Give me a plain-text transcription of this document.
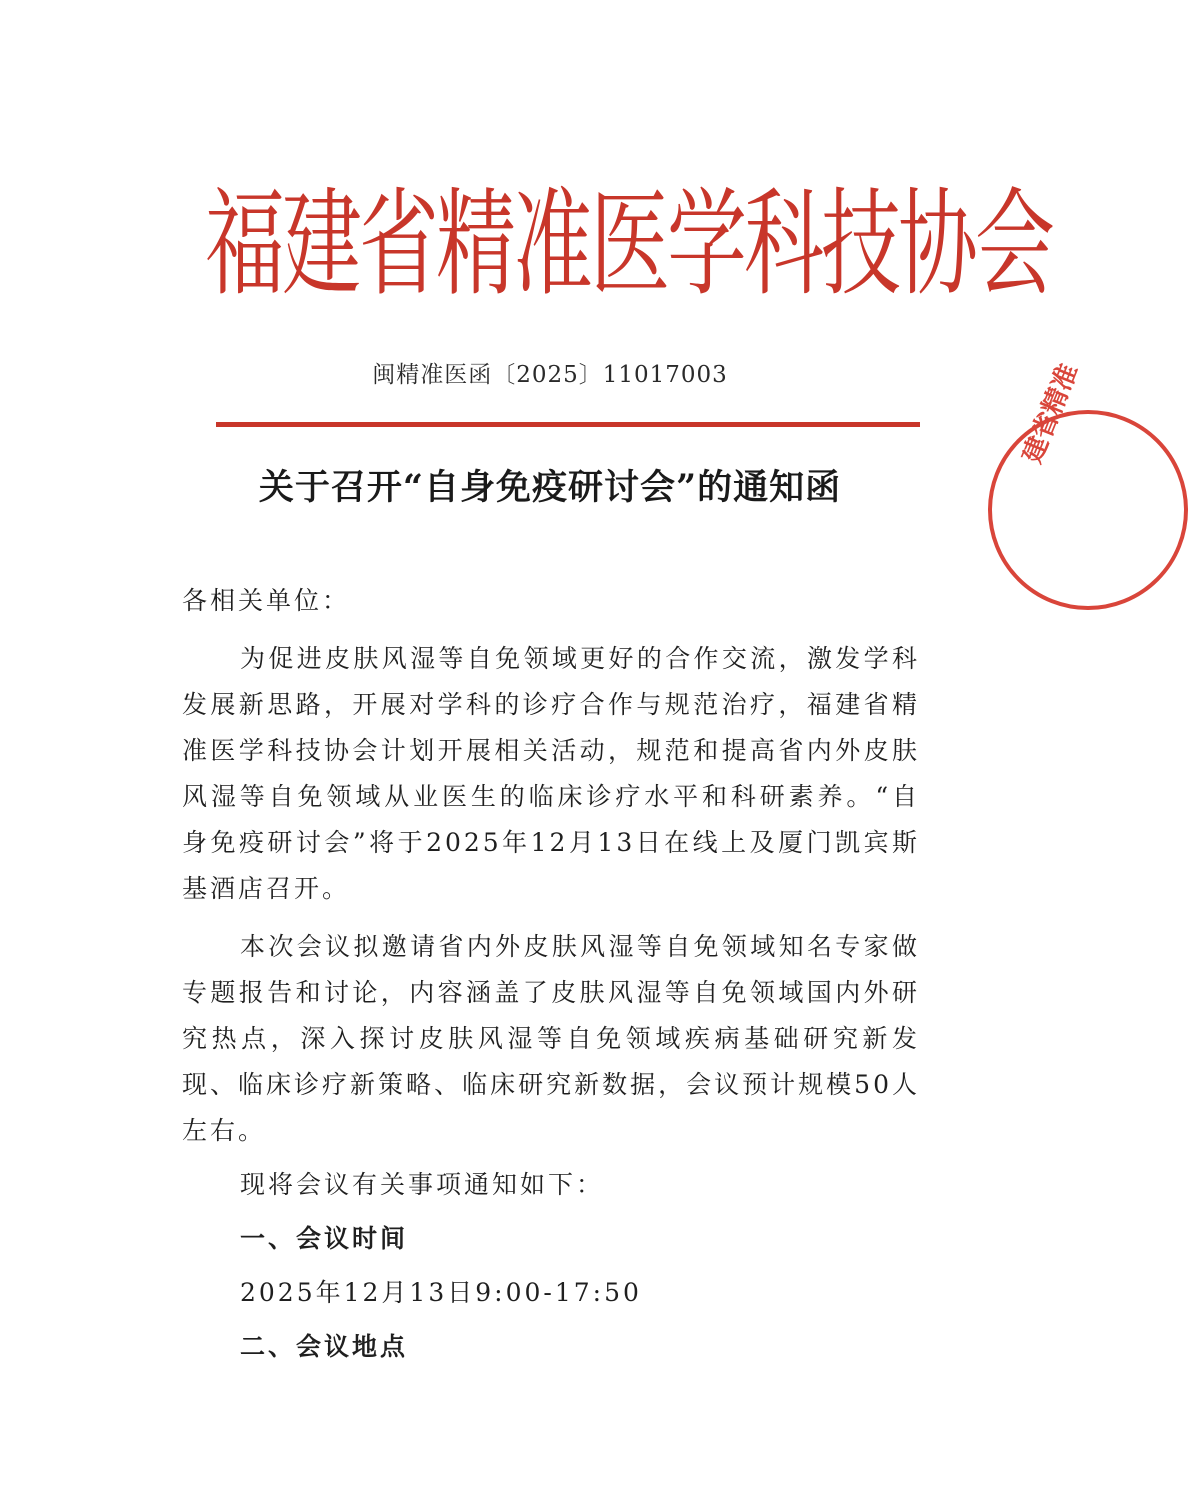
福建省精准医学科技协会
闽精准医函〔2025〕11017003
关于召开“自身免疫研讨会”的通知函

各相关单位：

为促进皮肤风湿等自免领域更好的合作交流，激发学科发展新思路，开展对学科的诊疗合作与规范治疗，福建省精准医学科技协会计划开展相关活动，规范和提高省内外皮肤风湿等自免领域从业医生的临床诊疗水平和科研素养。“自身免疫研讨会”将于2025年12月13日在线上及厦门凯宾斯基酒店召开。

本次会议拟邀请省内外皮肤风湿等自免领域知名专家做专题报告和讨论，内容涵盖了皮肤风湿等自免领域国内外研究热点，深入探讨皮肤风湿等自免领域疾病基础研究新发现、临床诊疗新策略、临床研究新数据，会议预计规模50人左右。

现将会议有关事项通知如下：

一、会议时间

2025年12月13日9:00-17:50

二、会议地点

建省精准
